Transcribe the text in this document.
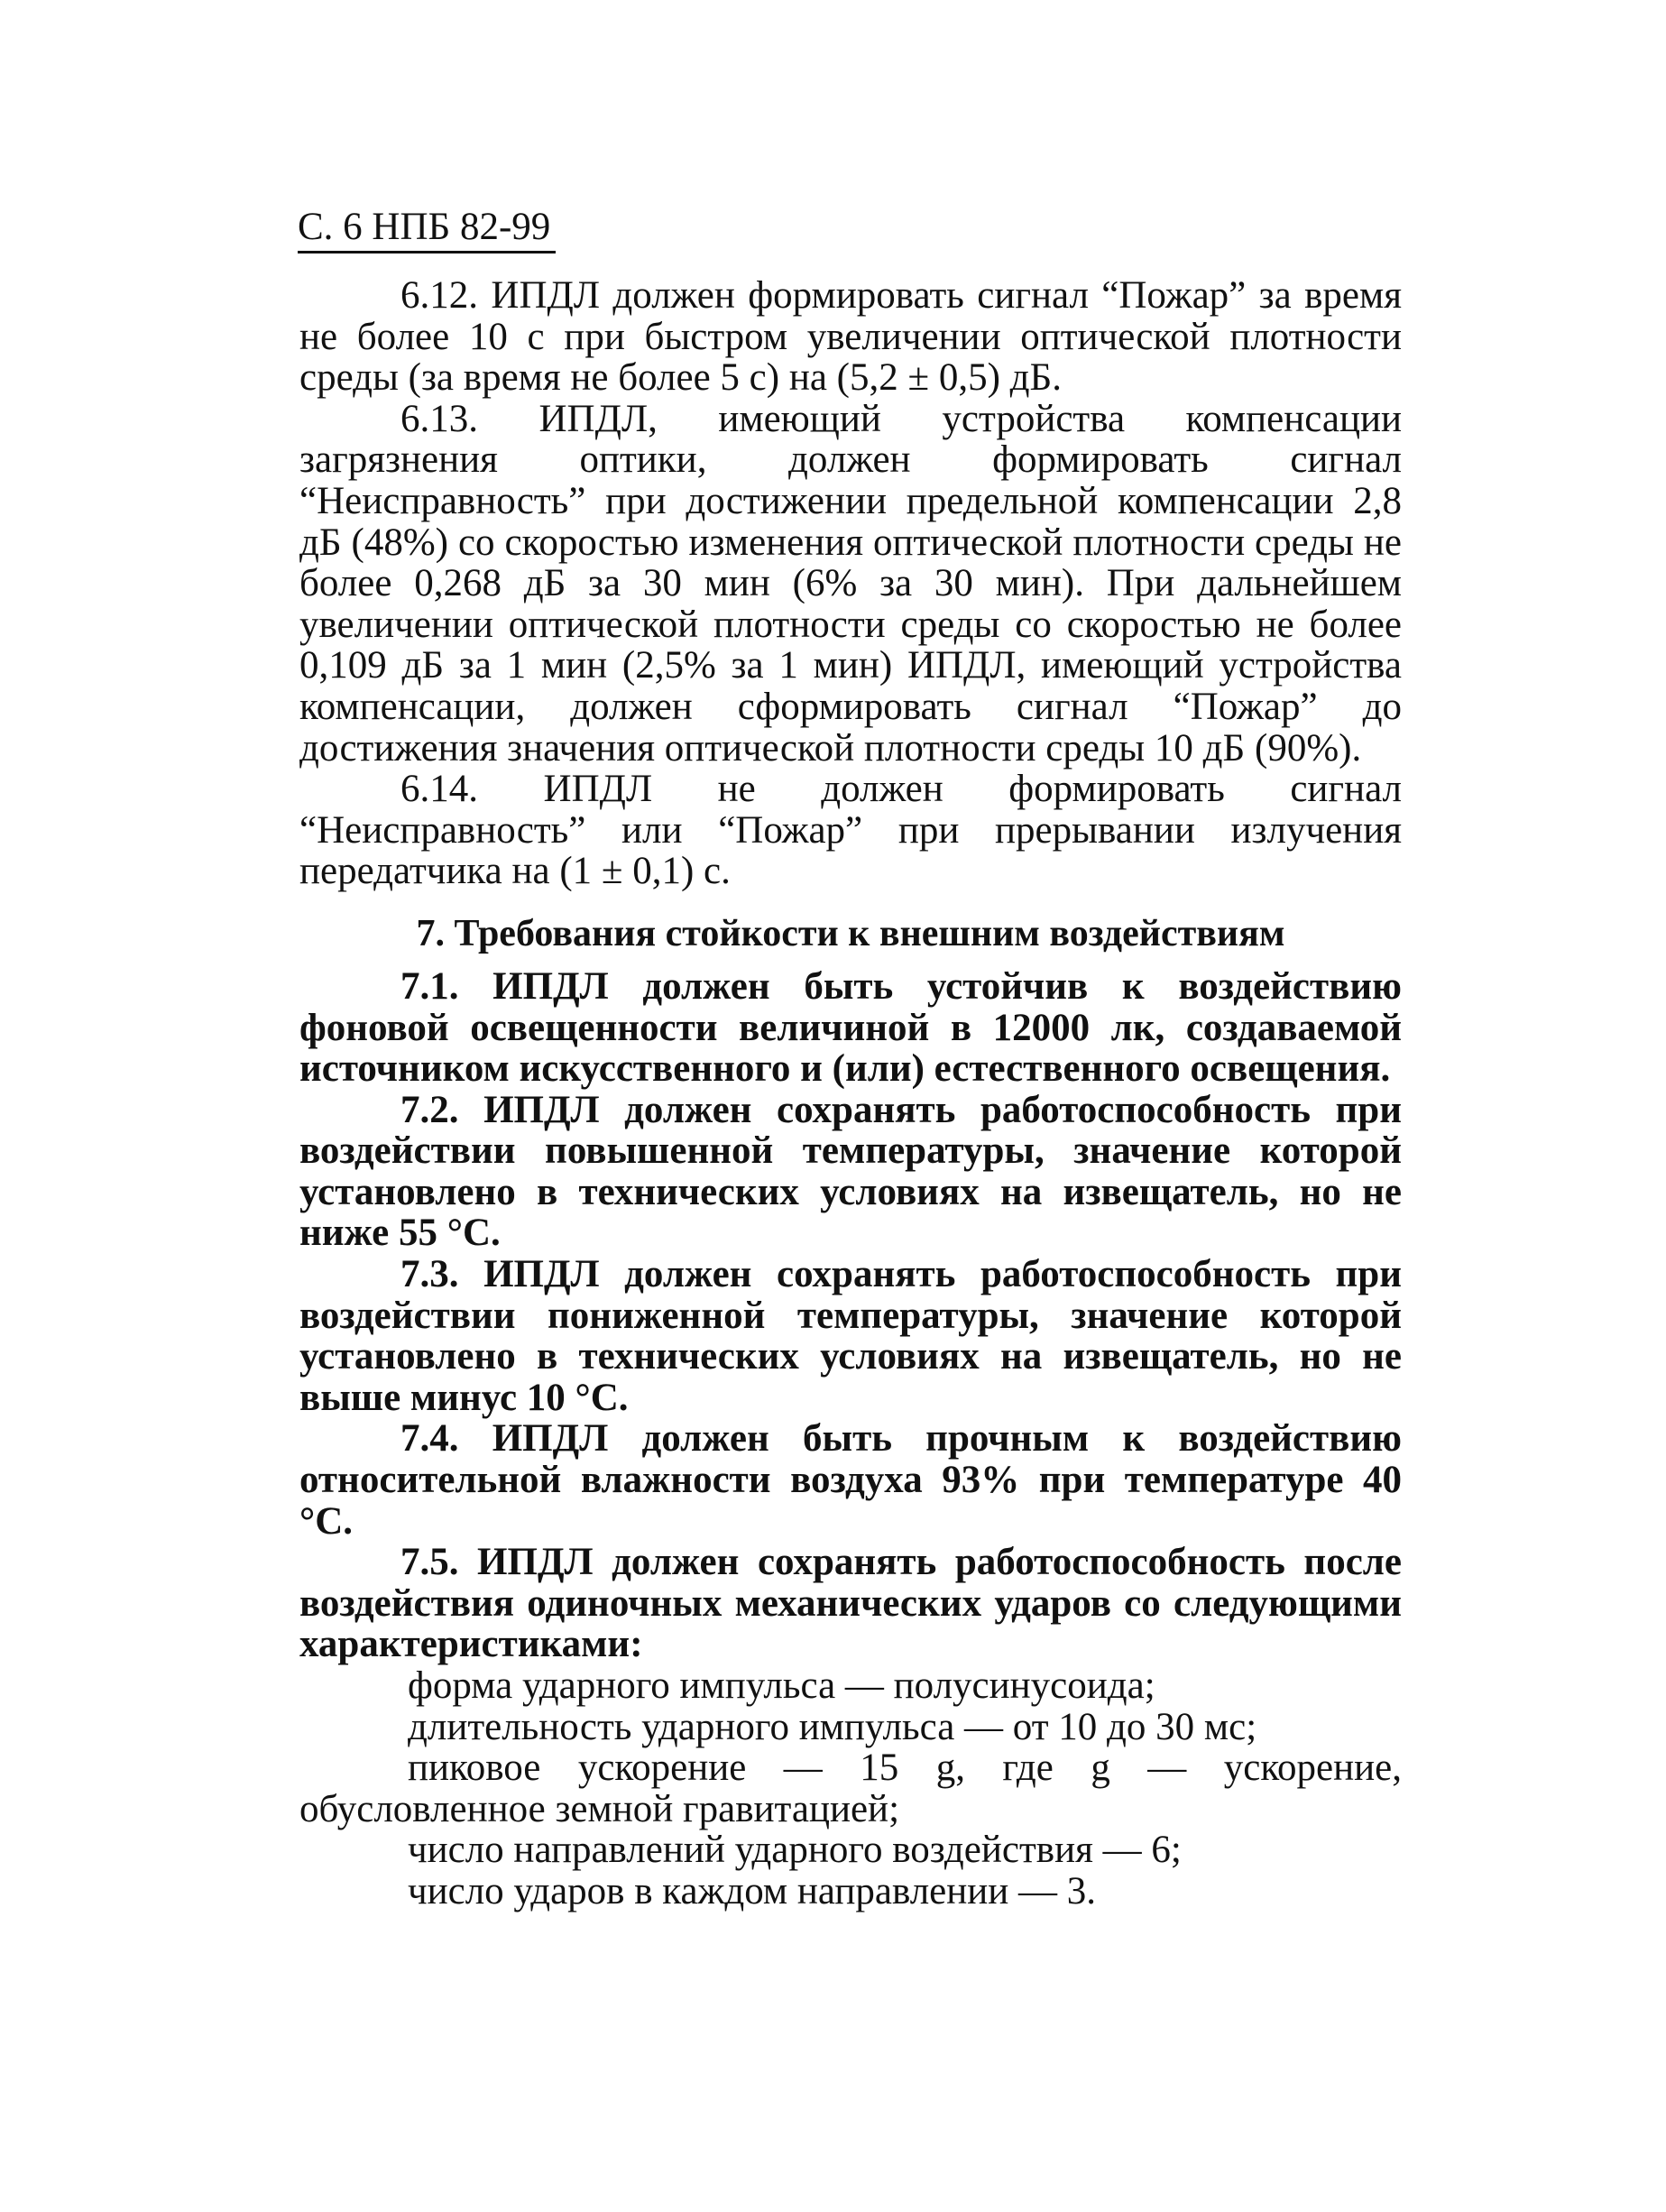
С. 6 НПБ 82-99

6.12. ИПДЛ должен формировать сигнал “Пожар” за время не более 10 с при быстром увеличении оптической плотности среды (за время не более 5 с) на (5,2 ± 0,5) дБ.

6.13. ИПДЛ, имеющий устройства компенсации загрязнения оптики, должен формировать сигнал “Неисправность” при достижении предельной компенсации 2,8 дБ (48%) со скоростью изменения оптической плотности среды не более 0,268 дБ за 30 мин (6% за 30 мин). При дальнейшем увеличении оптической плотности среды со скоростью не более 0,109 дБ за 1 мин (2,5% за 1 мин) ИПДЛ, имеющий устройства компенсации, должен сформировать сигнал “Пожар” до достижения значения оптической плотности среды 10 дБ (90%).

6.14. ИПДЛ не должен формировать сигнал “Неисправность” или “Пожар” при прерывании излучения передатчика на (1 ± 0,1) с.

7. Требования стойкости к внешним воздействиям

7.1. ИПДЛ должен быть устойчив к воздействию фоновой освещенности величиной в 12000 лк, создаваемой источником искусственного и (или) естественного освещения.

7.2. ИПДЛ должен сохранять работоспособность при воздействии повышенной температуры, значение которой установлено в технических условиях на извещатель, но не ниже 55 °С.

7.3. ИПДЛ должен сохранять работоспособность при воздействии пониженной температуры, значение которой установлено в технических условиях на извещатель, но не выше минус 10 °С.

7.4. ИПДЛ должен быть прочным к воздействию относительной влажности воздуха 93% при температуре 40 °С.

7.5. ИПДЛ должен сохранять работоспособность после воздействия одиночных механических ударов со следующими характеристиками:

форма ударного импульса — полусинусоида;
длительность ударного импульса — от 10 до 30 мс;
пиковое ускорение — 15 g, где g — ускорение, обусловленное земной гравитацией;
число направлений ударного воздействия — 6;
число ударов в каждом направлении — 3.
